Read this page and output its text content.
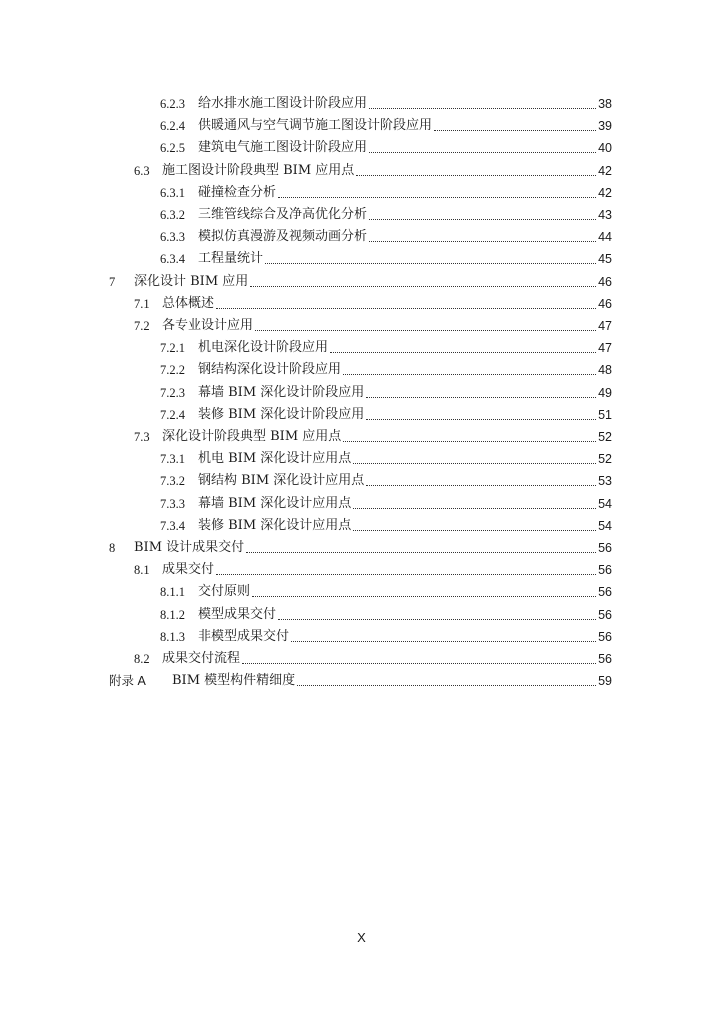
6.2.3	给水排水施工图设计阶段应用	38
6.2.4	供暖通风与空气调节施工图设计阶段应用	39
6.2.5	建筑电气施工图设计阶段应用	40
6.3 施工图设计阶段典型 BIM 应用点	42
6.3.1	碰撞检查分析	42
6.3.2	三维管线综合及净高优化分析	43
6.3.3	模拟仿真漫游及视频动画分析	44
6.3.4	工程量统计	45
7	深化设计 BIM 应用	46
7.1 总体概述	46
7.2 各专业设计应用	47
7.2.1	机电深化设计阶段应用	47
7.2.2	钢结构深化设计阶段应用	48
7.2.3	幕墙 BIM 深化设计阶段应用	49
7.2.4	装修 BIM 深化设计阶段应用	51
7.3 深化设计阶段典型 BIM 应用点	52
7.3.1	机电 BIM 深化设计应用点	52
7.3.2	钢结构 BIM 深化设计应用点	53
7.3.3	幕墙 BIM 深化设计应用点	54
7.3.4	装修 BIM 深化设计应用点	54
8	BIM 设计成果交付	56
8.1 成果交付	56
8.1.1	交付原则	56
8.1.2	模型成果交付	56
8.1.3	非模型成果交付	56
8.2 成果交付流程	56
附录 A	BIM 模型构件精细度	59
X
